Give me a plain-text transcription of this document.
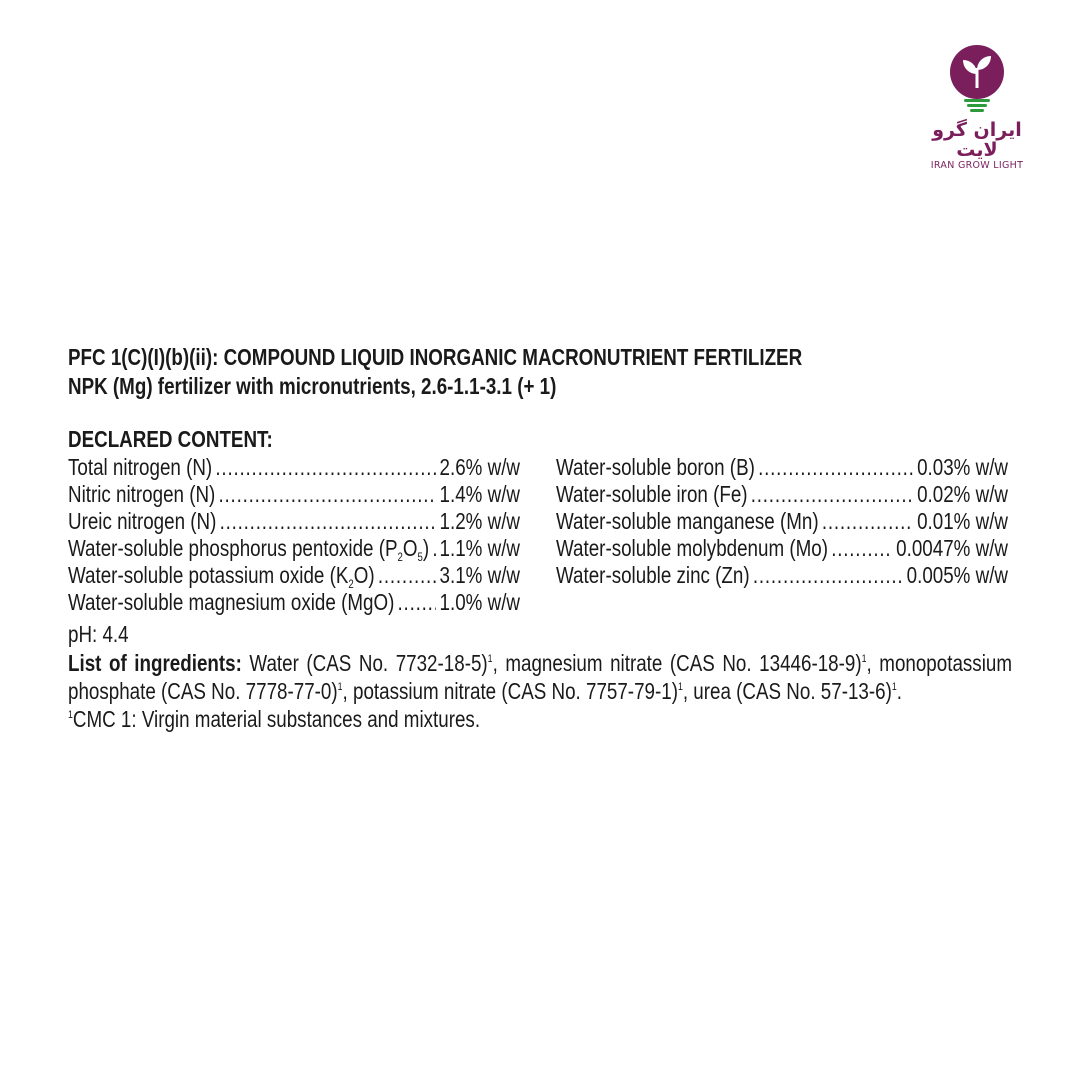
ایران گرو لایت
IRAN GROW LIGHT
PFC 1(C)(I)(b)(ii): COMPOUND LIQUID INORGANIC MACRONUTRIENT FERTILIZER
NPK (Mg) fertilizer with micronutrients, 2.6-1.1-3.1 (+ 1)
DECLARED CONTENT:
Total nitrogen (N) .....	2.6% w/w
Nitric nitrogen (N) .....	1.4% w/w
Ureic nitrogen (N) .....	1.2% w/w
Water-soluble phosphorus pentoxide $(P_2O_5)$ ..... 1.1% w/w
Water-soluble potassium oxide $(K_2O)$ .....	3.1% w/w
Water-soluble magnesium oxide (MgO) ..... 1.0% w/w
Water-soluble boron (B) .....	0.03% w/w
Water-soluble iron (Fe) .....	0.02% w/w
Water-soluble manganese (Mn) .....	0.01% w/w
Water-soluble molybdenum (Mo) .....	0.0047% w/w
Water-soluble zinc (Zn) .....	0.005% w/w
pH: 4.4
List of ingredients: Water (CAS No. 7732-18-5)$^1$, magnesium nitrate (CAS No. 13446-18-9)$^1$, monopotassium phosphate (CAS No. 7778-77-0)$^1$, potassium nitrate (CAS No. 7757-79-1)$^1$, urea (CAS No. 57-13-6)$^1$.
$^1$CMC 1: Virgin material substances and mixtures.
